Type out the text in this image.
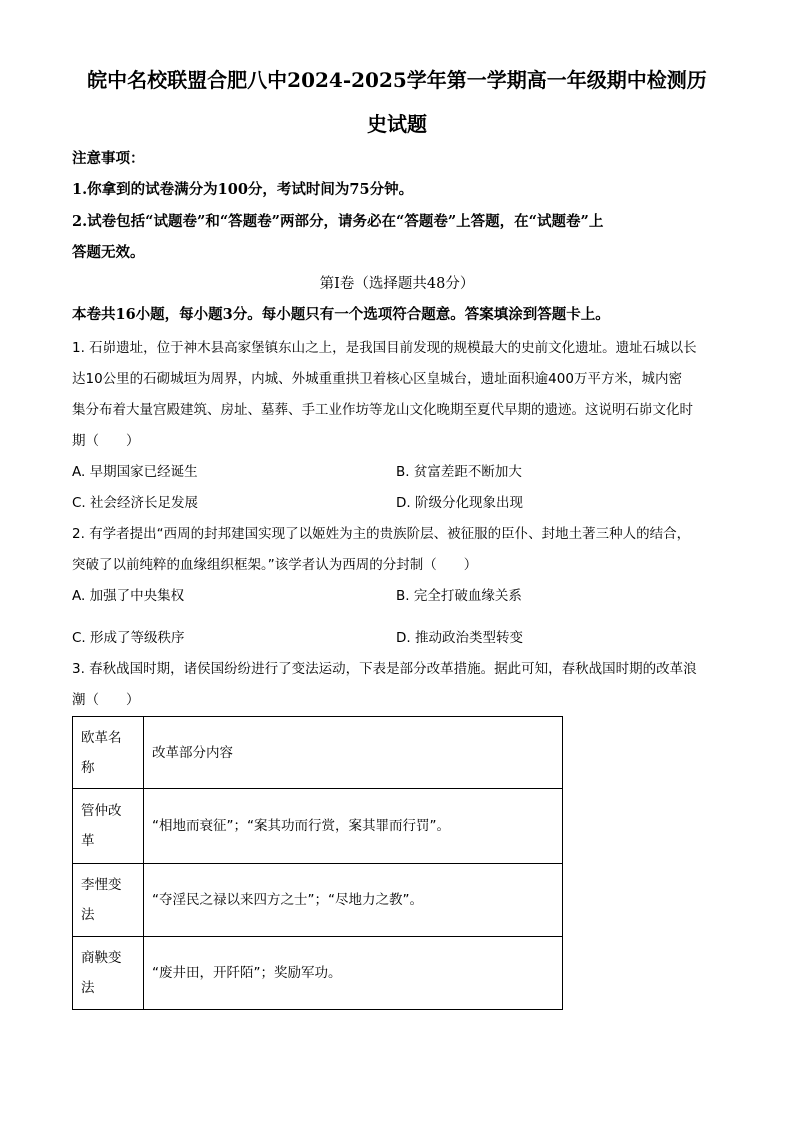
皖中名校联盟合肥八中2024-2025学年第一学期高一年级期中检测历
史试题
注意事项：
1.你拿到的试卷满分为100分，考试时间为75分钟。
2.试卷包括“试题卷”和“答题卷”两部分，请务必在“答题卷”上答题，在“试题卷”上
答题无效。
第Ⅰ卷（选择题共48分）
本卷共16小题，每小题3分。每小题只有一个选项符合题意。答案填涂到答题卡上。
1. 石峁遗址，位于神木县高家堡镇东山之上，是我国目前发现的规模最大的史前文化遗址。遗址石城以长
达10公里的石砌城垣为周界，内城、外城重重拱卫着核心区皇城台，遗址面积逾400万平方米，城内密
集分布着大量宫殿建筑、房址、墓葬、手工业作坊等龙山文化晚期至夏代早期的遗迹。这说明石峁文化时
期（　　）
A. 早期国家已经诞生	B. 贫富差距不断加大
C. 社会经济长足发展	D. 阶级分化现象出现
2. 有学者提出“西周的封邦建国实现了以姬姓为主的贵族阶层、被征服的臣仆、封地土著三种人的结合，
突破了以前纯粹的血缘组织框架。”该学者认为西周的分封制（　　）
A. 加强了中央集权	B. 完全打破血缘关系
C. 形成了等级秩序	D. 推动政治类型转变
3. 春秋战国时期，诸侯国纷纷进行了变法运动，下表是部分改革措施。据此可知，春秋战国时期的改革浪
潮（　　）
欧革名
称	改革部分内容

管仲改
革	“相地而衰征”；“案其功而行赏，案其罪而行罚”。

李悝变
法	“夺淫民之禄以来四方之士”；“尽地力之教”。

商鞅变
法	“废井田，开阡陌”；奖励军功。
